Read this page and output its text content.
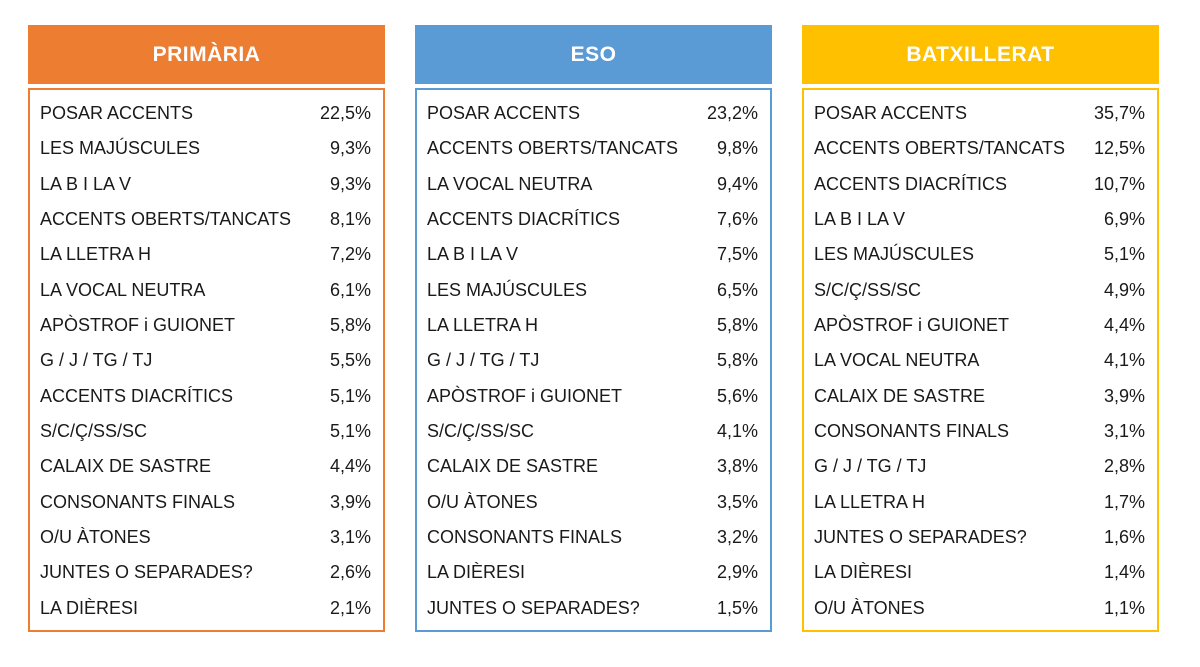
PRIMÀRIA
POSAR ACCENTS	22,5%
LES MAJÚSCULES	9,3%
LA B I LA V	9,3%
ACCENTS OBERTS/TANCATS 8,1%
LA LLETRA H	7,2%
LA VOCAL NEUTRA	6,1%
APÒSTROF i GUIONET	5,8%
G / J / TG / TJ	5,5%
ACCENTS DIACRÍTICS	5,1%
S/C/Ç/SS/SC	5,1%
CALAIX DE SASTRE	4,4%
CONSONANTS FINALS	3,9%
O/U ÀTONES	3,1%
JUNTES O SEPARADES?	2,6%
LA DIÈRESI	2,1%
ESO
POSAR ACCENTS	23,2%
ACCENTS OBERTS/TANCATS 9,8%
LA VOCAL NEUTRA	9,4%
ACCENTS DIACRÍTICS	7,6%
LA B I LA V	7,5%
LES MAJÚSCULES	6,5%
LA LLETRA H	5,8%
G / J / TG / TJ	5,8%
APÒSTROF i GUIONET	5,6%
S/C/Ç/SS/SC	4,1%
CALAIX DE SASTRE	3,8%
O/U ÀTONES	3,5%
CONSONANTS FINALS	3,2%
LA DIÈRESI	2,9%
JUNTES O SEPARADES?	1,5%
BATXILLERAT
POSAR ACCENTS	35,7%
ACCENTS OBERTS/TANCATS 12,5%
ACCENTS DIACRÍTICS	10,7%
LA B I LA V	6,9%
LES MAJÚSCULES	5,1%
S/C/Ç/SS/SC	4,9%
APÒSTROF i GUIONET	4,4%
LA VOCAL NEUTRA	4,1%
CALAIX DE SASTRE	3,9%
CONSONANTS FINALS	3,1%
G / J / TG / TJ	2,8%
LA LLETRA H	1,7%
JUNTES O SEPARADES?	1,6%
LA DIÈRESI	1,4%
O/U ÀTONES	1,1%
